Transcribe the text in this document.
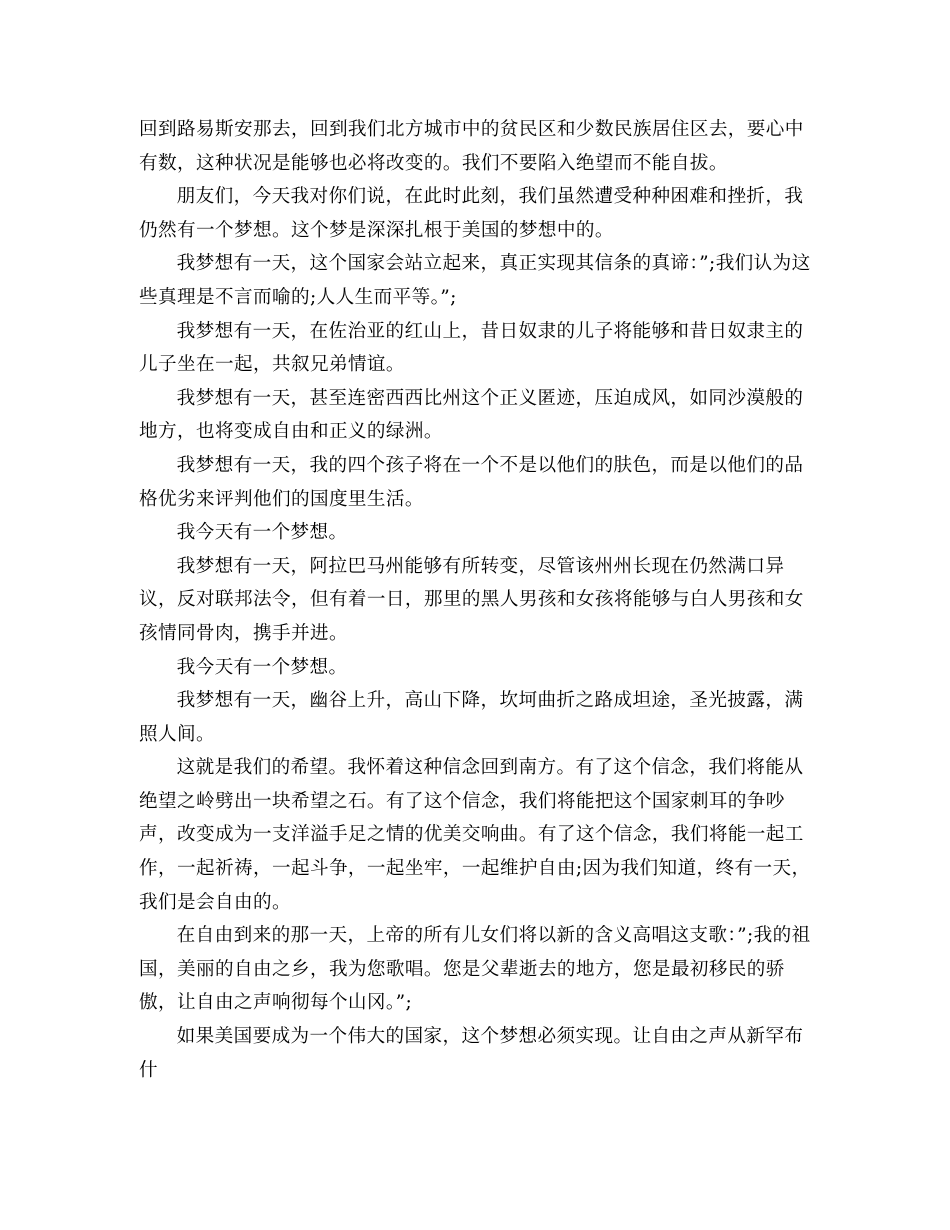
回到路易斯安那去，回到我们北方城市中的贫民区和少数民族居住区去，要心中有数，这种状况是能够也必将改变的。我们不要陷入绝望而不能自拔。

朋友们，今天我对你们说，在此时此刻，我们虽然遭受种种困难和挫折，我仍然有一个梦想。这个梦是深深扎根于美国的梦想中的。

我梦想有一天，这个国家会站立起来，真正实现其信条的真谛：”;我们认为这些真理是不言而喻的;人人生而平等。”;

我梦想有一天，在佐治亚的红山上，昔日奴隶的儿子将能够和昔日奴隶主的儿子坐在一起，共叙兄弟情谊。

我梦想有一天，甚至连密西西比州这个正义匿迹，压迫成风，如同沙漠般的地方，也将变成自由和正义的绿洲。

我梦想有一天，我的四个孩子将在一个不是以他们的肤色，而是以他们的品格优劣来评判他们的国度里生活。

我今天有一个梦想。

我梦想有一天，阿拉巴马州能够有所转变，尽管该州州长现在仍然满口异议，反对联邦法令，但有着一日，那里的黑人男孩和女孩将能够与白人男孩和女孩情同骨肉，携手并进。

我今天有一个梦想。

我梦想有一天，幽谷上升，高山下降，坎坷曲折之路成坦途，圣光披露，满照人间。

这就是我们的希望。我怀着这种信念回到南方。有了这个信念，我们将能从绝望之岭劈出一块希望之石。有了这个信念，我们将能把这个国家刺耳的争吵声，改变成为一支洋溢手足之情的优美交响曲。有了这个信念，我们将能一起工作，一起祈祷，一起斗争，一起坐牢，一起维护自由;因为我们知道，终有一天，我们是会自由的。

在自由到来的那一天，上帝的所有儿女们将以新的含义高唱这支歌：”;我的祖国，美丽的自由之乡，我为您歌唱。您是父辈逝去的地方，您是最初移民的骄傲，让自由之声响彻每个山冈。”;

如果美国要成为一个伟大的国家，这个梦想必须实现。让自由之声从新罕布什
